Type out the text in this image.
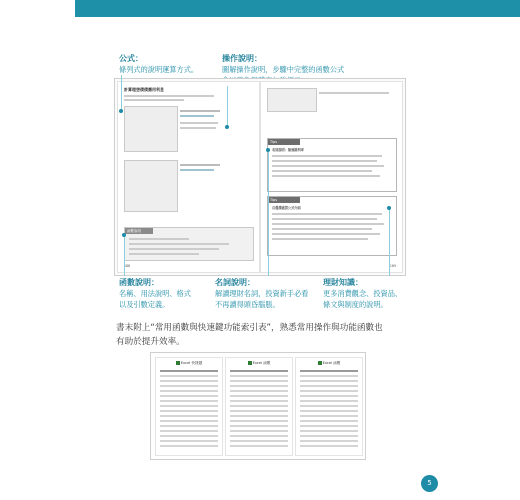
公式：
條列式的說明運算方式。
操作說明：
圖解操作說明，步驟中完整的函數公式
函數說明：
名稱、用法說明、格式
以及引數定義。
名詞說明：
解讀理財名詞，投資新手必看
不再讀得頭昏腦脹。
理財知識：
更多消費觀念、投資品、
條文與制度的說明。
計算理想債債應用利息
函數說明
188
Tips
名詞說明：無風險利率
Tips
自選擇通貨公式介紹
189
書末附上“常用函數與快速鍵功能索引表”，熟悉常用操作與功能函數也有助於提升效率。
Excel 快捷鍵	Excel 函數	Excel 函數
5
